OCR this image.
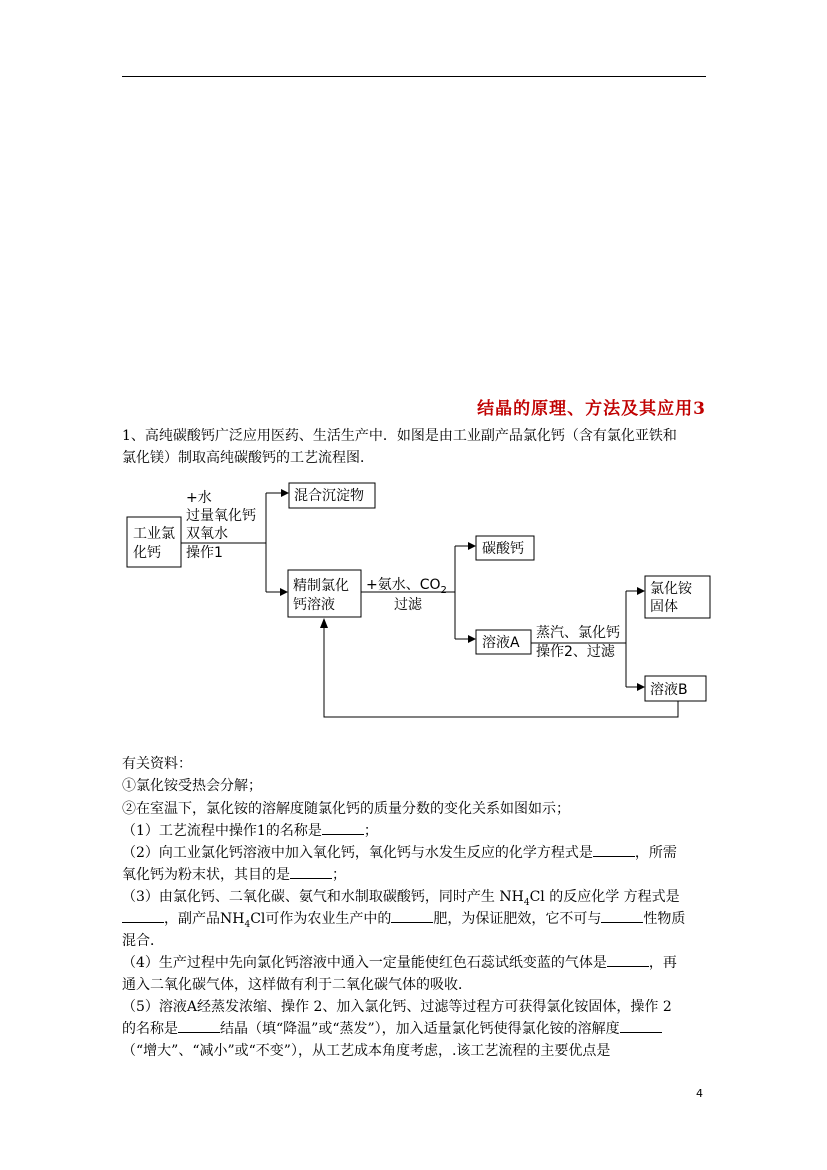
结晶的原理、方法及其应用3
1、高纯碳酸钙广泛应用医药、生活生产中．如图是由工业副产品氯化钙（含有氯化亚铁和
氯化镁）制取高纯碳酸钙的工艺流程图．
工业氯
化钙
混合沉淀物
精制氯化
钙溶液
碳酸钙
溶液A
氯化铵
固体
溶液B
+水
过量氧化钙
双氧水
操作1
+氨水、$CO_2$
过滤
蒸汽、氯化钙
操作2、过滤
有关资料：
①氯化铵受热会分解；
②在室温下，氯化铵的溶解度随氯化钙的质量分数的变化关系如图如示；
（1）工艺流程中操作1的名称是	；
（2）向工业氯化钙溶液中加入氧化钙，氧化钙与水发生反应的化学方程式是	，所需
氧化钙为粉末状，其目的是	；
（3）由氯化钙、二氧化碳、氨气和水制取碳酸钙，同时产生 $NH_4Cl$ 的反应化学 方程式是
，副产品$NH_4Cl$可作为农业生产中的	肥，为保证肥效，它不可与	性物质
混合．
（4）生产过程中先向氯化钙溶液中通入一定量能使红色石蕊试纸变蓝的气体是	，再
通入二氧化碳气体，这样做有利于二氧化碳气体的吸收．
（5）溶液A经蒸发浓缩、操作 2、加入氯化钙、过滤等过程方可获得氯化铵固体，操作 2
的名称是	结晶（填“降温”或“蒸发”），加入适量氯化钙使得氯化铵的溶解度
（“增大”、“减小”或“不变”），从工艺成本角度考虑，.该工艺流程的主要优点是
4
